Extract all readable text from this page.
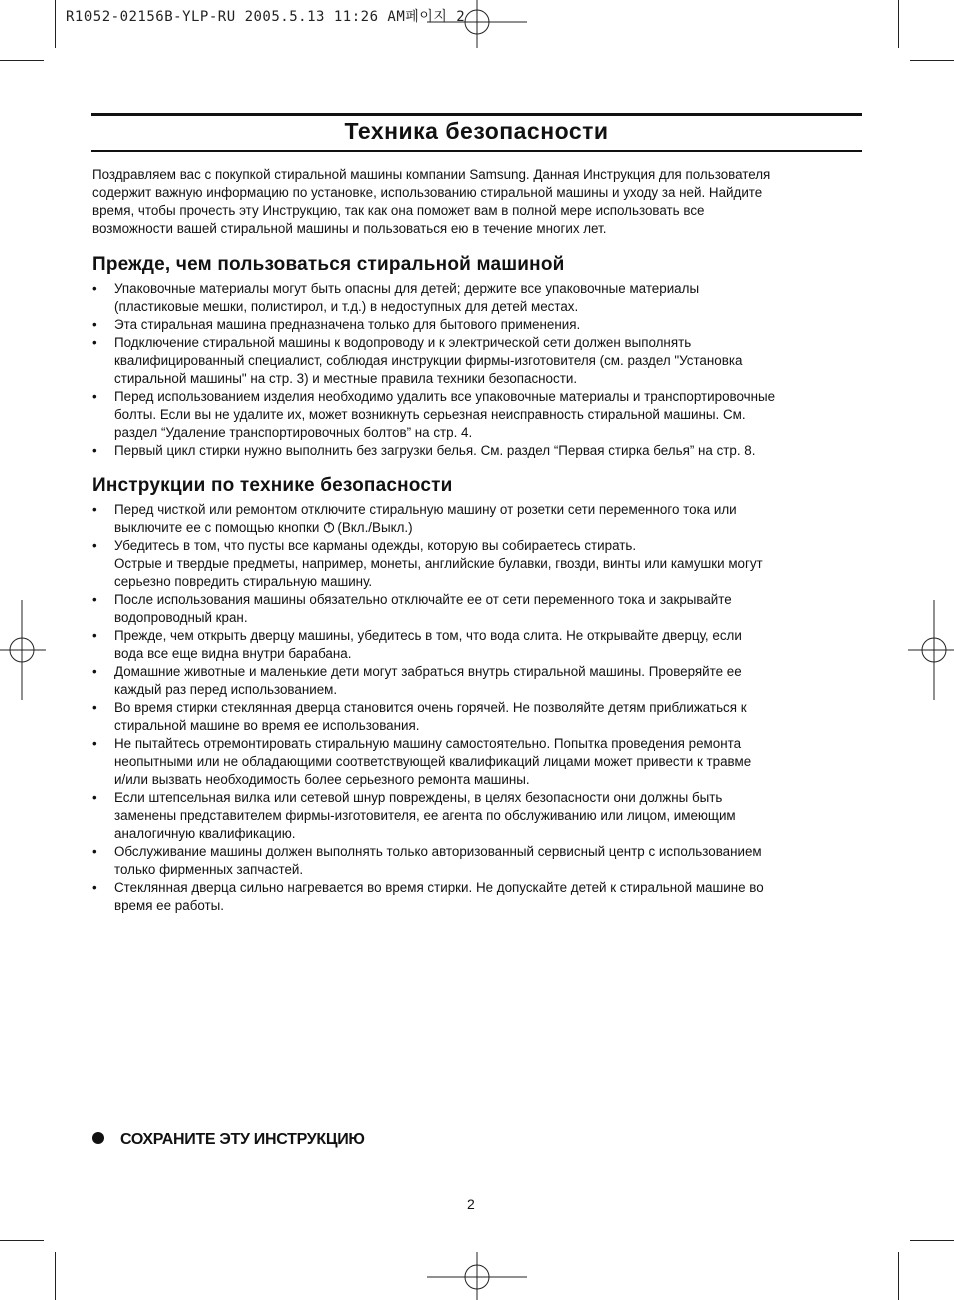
R1052-02156B-YLP-RU 2005.5.13 11:26 AM페이지 2
Техника безопасности
Поздравляем вас с покупкой стиральной машины компании Samsung. Данная Инструкция для пользователя
содержит важную информацию по установке, использованию стиральной машины и уходу за ней. Найдите
время, чтобы прочесть эту Инструкцию, так как она поможет вам в полной мере использовать все
возможности вашей стиральной машины и пользоваться ею в течение многих лет.
Прежде, чем пользоваться стиральной машиной
• Упаковочные материалы могут быть опасны для детей; держите все упаковочные материалы
(пластиковые мешки, полистирол, и т.д.) в недоступных для детей местах.
• Эта стиральная машина предназначена только для бытового применения.
• Подключение стиральной машины к водопроводу и к электрической сети должен выполнять
квалифицированный специалист, соблюдая инструкции фирмы-изготовителя (см. раздел "Установка
стиральной машины" на стр. 3) и местные правила техники безопасности.
• Перед использованием изделия необходимо удалить все упаковочные материалы и транспортировочные
болты. Если вы не удалите их, может возникнуть серьезная неисправность стиральной машины. См.
раздел “Удаление транспортировочных болтов” на стр. 4.
• Первый цикл стирки нужно выполнить без загрузки белья. См. раздел “Первая стирка белья” на стр. 8.
Инструкции по технике безопасности
• Перед чисткой или ремонтом отключите стиральную машину от розетки сети переменного тока или
выключите ее с помощью кнопки (Вкл./Выкл.)
• Убедитесь в том, что пусты все карманы одежды, которую вы собираетесь стирать.
Острые и твердые предметы, например, монеты, английские булавки, гвозди, винты или камушки могут
серьезно повредить стиральную машину.
• После использования машины обязательно отключайте ее от сети переменного тока и закрывайте
водопроводный кран.
• Прежде, чем открыть дверцу машины, убедитесь в том, что вода слита. Не открывайте дверцу, если
вода все еще видна внутри барабана.
• Домашние животные и маленькие дети могут забраться внутрь стиральной машины. Проверяйте ее
каждый раз перед использованием.
• Во время стирки стеклянная дверца становится очень горячей. Не позволяйте детям приближаться к
стиральной машине во время ее использования.
• Не пытайтесь отремонтировать стиральную машину самостоятельно. Попытка проведения ремонта
неопытными или не обладающими соответствующей квалификаций лицами может привести к травме
и/или вызвать необходимость более серьезного ремонта машины.
• Если штепсельная вилка или сетевой шнур повреждены, в целях безопасности они должны быть
заменены представителем фирмы-изготовителя, ее агента по обслуживанию или лицом, имеющим
аналогичную квалификацию.
• Обслуживание машины должен выполнять только авторизованный сервисный центр с использованием
только фирменных запчастей.
• Стеклянная дверца сильно нагревается во время стирки. Не допускайте детей к стиральной машине во
время ее работы.
СОХРАНИТЕ ЭТУ ИНСТРУКЦИЮ
2
